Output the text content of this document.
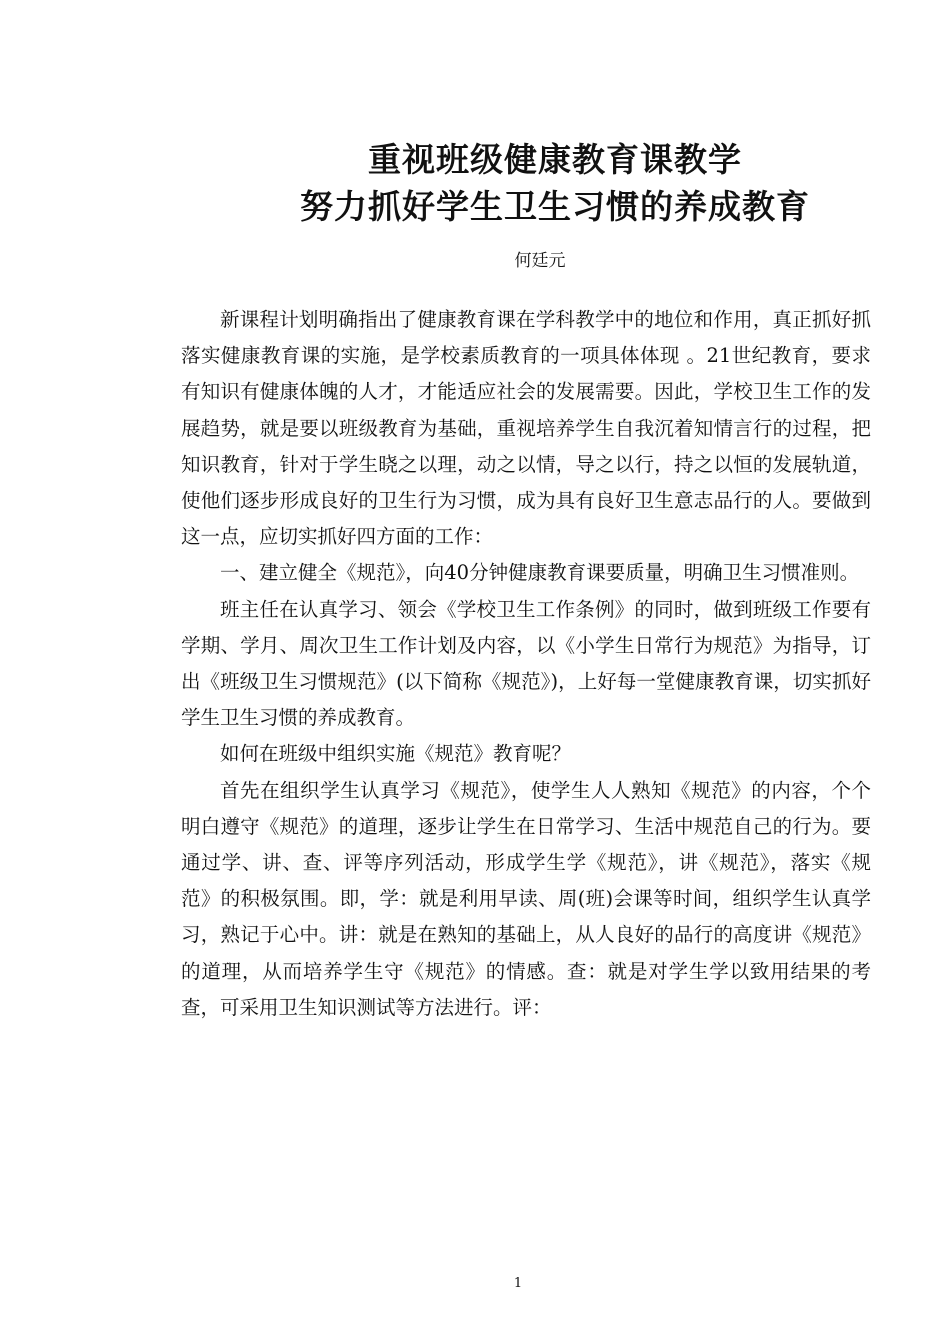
重视班级健康教育课教学
努力抓好学生卫生习惯的养成教育
何廷元

新课程计划明确指出了健康教育课在学科教学中的地位和作用，真正抓好抓落实健康教育课的实施，是学校素质教育的一项具体体现 。21世纪教育，要求有知识有健康体魄的人才，才能适应社会的发展需要。因此，学校卫生工作的发展趋势，就是要以班级教育为基础，重视培养学生自我沉着知情言行的过程，把知识教育，针对于学生晓之以理，动之以情，导之以行，持之以恒的发展轨道，使他们逐步形成良好的卫生行为习惯，成为具有良好卫生意志品行的人。要做到这一点，应切实抓好四方面的工作：

一、建立健全《规范》，向40分钟健康教育课要质量，明确卫生习惯准则。

班主任在认真学习、领会《学校卫生工作条例》的同时，做到班级工作要有学期、学月、周次卫生工作计划及内容，以《小学生日常行为规范》为指导，订出《班级卫生习惯规范》(以下简称《规范》)，上好每一堂健康教育课，切实抓好学生卫生习惯的养成教育。

如何在班级中组织实施《规范》教育呢？

首先在组织学生认真学习《规范》，使学生人人熟知《规范》的内容，个个明白遵守《规范》的道理，逐步让学生在日常学习、生活中规范自己的行为。要通过学、讲、查、评等序列活动，形成学生学《规范》，讲《规范》，落实《规范》的积极氛围。即，学：就是利用早读、周(班)会课等时间，组织学生认真学习，熟记于心中。讲：就是在熟知的基础上，从人良好的品行的高度讲《规范》的道理，从而培养学生守《规范》的情感。查：就是对学生学以致用结果的考查，可采用卫生知识测试等方法进行。评：

1
